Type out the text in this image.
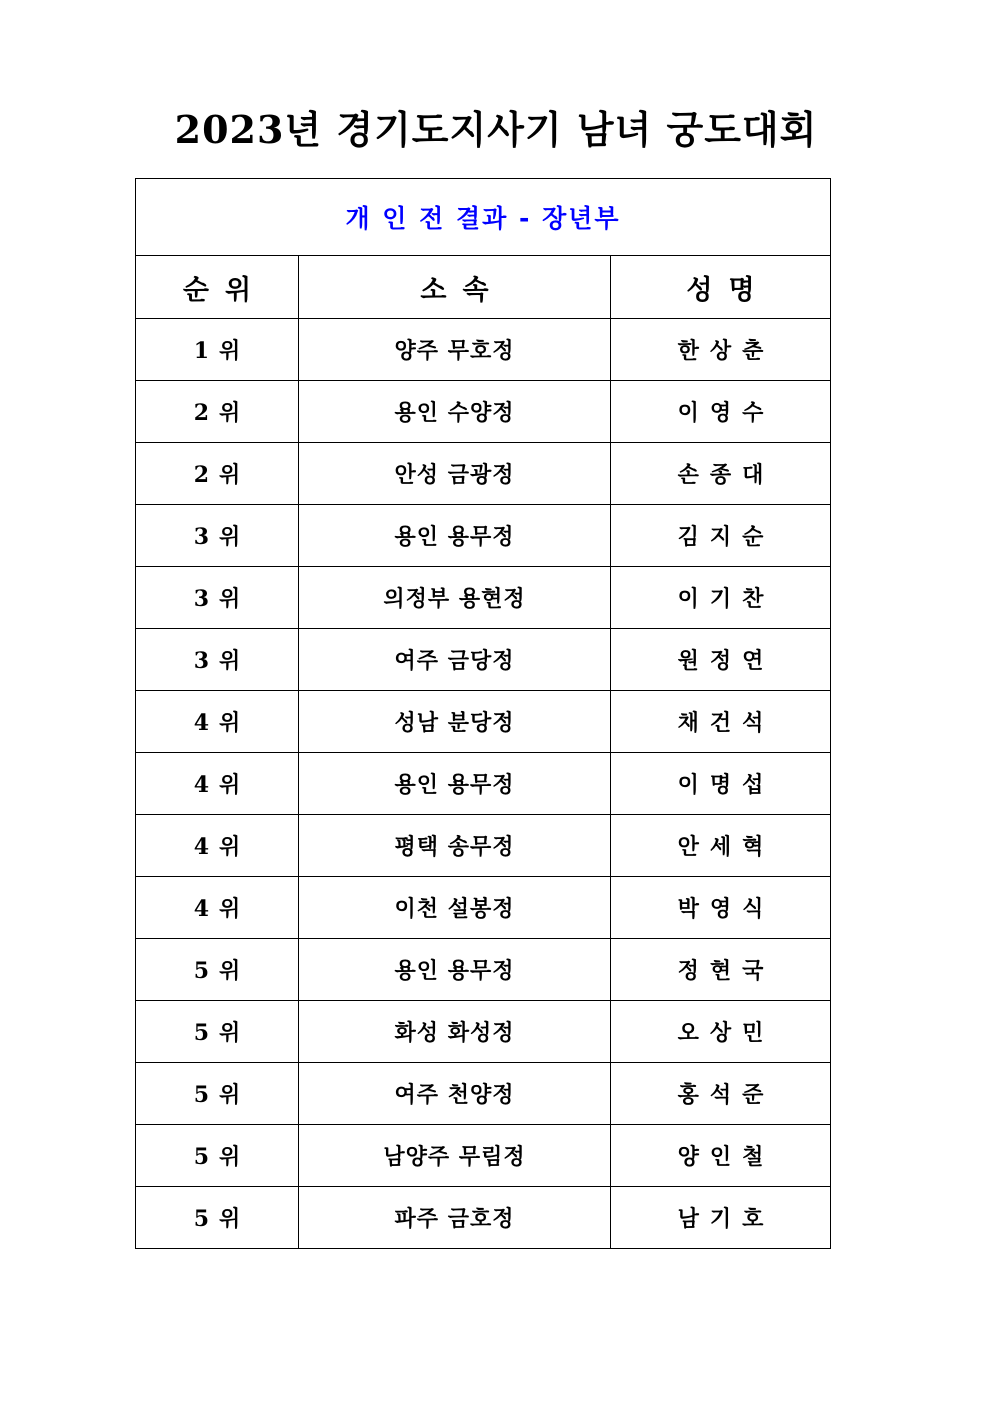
2023년 경기도지사기 남녀 궁도대회
개 인 전 결과 - 장년부		
순위	소속	성명
1 위	양주 무호정	한상춘
2 위	용인 수양정	이영수
2 위	안성 금광정	손종대
3 위	용인 용무정	김지순
3 위	의정부 용현정	이기찬
3 위	여주 금당정	원정연
4 위	성남 분당정	채건석
4 위	용인 용무정	이명섭
4 위	평택 송무정	안세혁
4 위	이천 설봉정	박영식
5 위	용인 용무정	정현국
5 위	화성 화성정	오상민
5 위	여주 천양정	홍석준
5 위	남양주 무림정	양인철
5 위	파주 금호정	남기호
